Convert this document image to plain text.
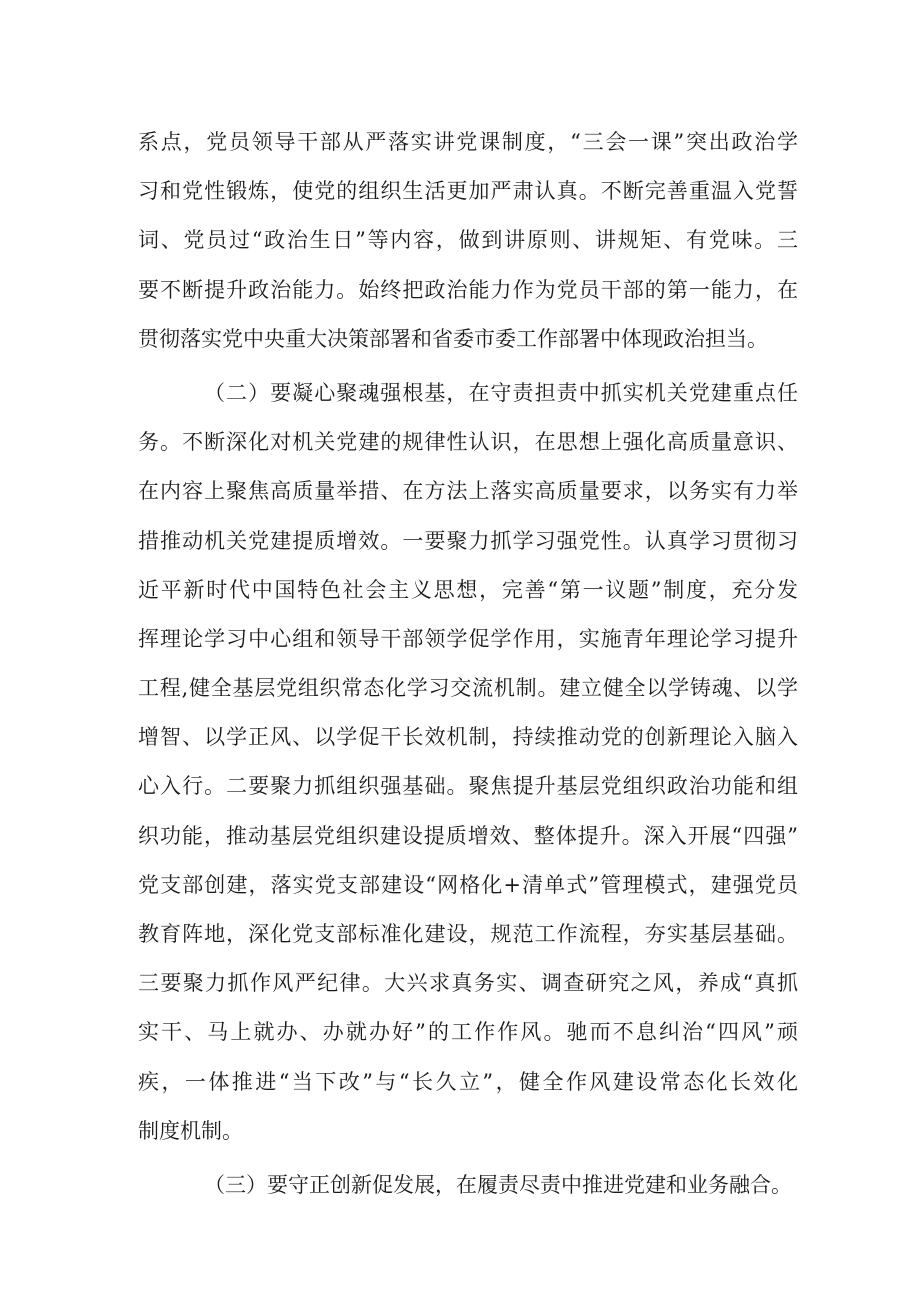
系点，党员领导干部从严落实讲党课制度，“三会一课”突出政治学
习和党性锻炼，使党的组织生活更加严肃认真。不断完善重温入党誓
词、党员过“政治生日”等内容，做到讲原则、讲规矩、有党味。三
要不断提升政治能力。始终把政治能力作为党员干部的第一能力，在
贯彻落实党中央重大决策部署和省委市委工作部署中体现政治担当。
（二）要凝心聚魂强根基，在守责担责中抓实机关党建重点任
务。不断深化对机关党建的规律性认识，在思想上强化高质量意识、
在内容上聚焦高质量举措、在方法上落实高质量要求，以务实有力举
措推动机关党建提质增效。一要聚力抓学习强党性。认真学习贯彻习
近平新时代中国特色社会主义思想，完善“第一议题”制度，充分发
挥理论学习中心组和领导干部领学促学作用，实施青年理论学习提升
工程,健全基层党组织常态化学习交流机制。建立健全以学铸魂、以学
增智、以学正风、以学促干长效机制，持续推动党的创新理论入脑入
心入行。二要聚力抓组织强基础。聚焦提升基层党组织政治功能和组
织功能，推动基层党组织建设提质增效、整体提升。深入开展“四强”
党支部创建，落实党支部建设“网格化+清单式”管理模式，建强党员
教育阵地，深化党支部标准化建设，规范工作流程，夯实基层基础。
三要聚力抓作风严纪律。大兴求真务实、调查研究之风，养成“真抓
实干、马上就办、办就办好”的工作作风。驰而不息纠治“四风”顽
疾，一体推进“当下改”与“长久立”，健全作风建设常态化长效化
制度机制。
（三）要守正创新促发展，在履责尽责中推进党建和业务融合。
